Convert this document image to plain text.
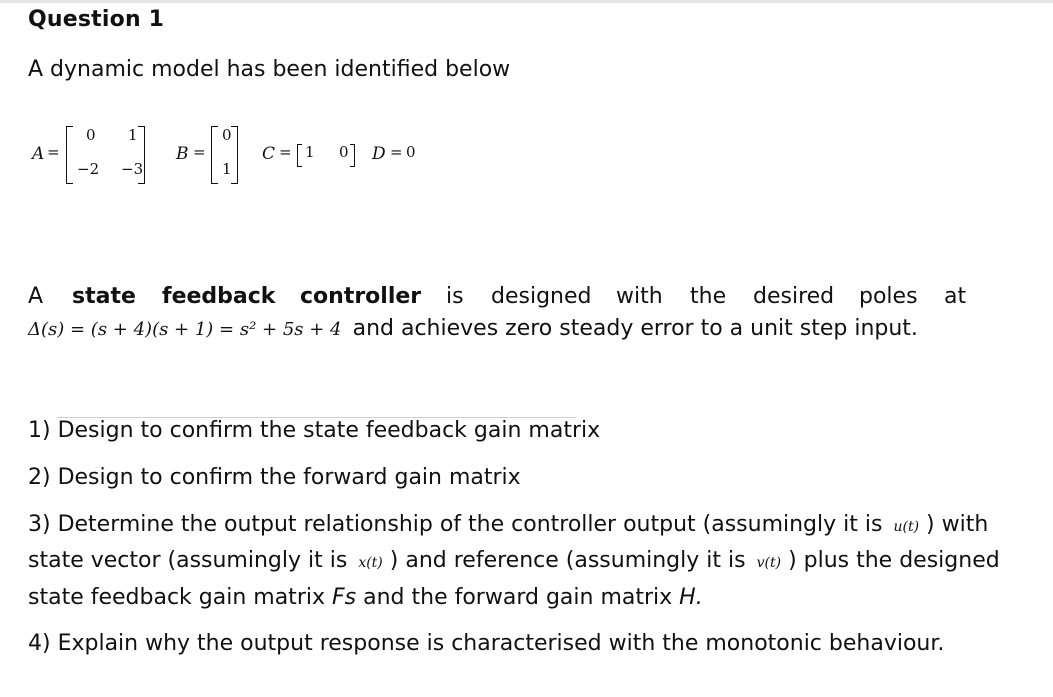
Question 1
A dynamic model has been identified below
A =
0 1
−2 −3
B =
0
1
C = 1 0 D = 0
A state feedback controller is designed with the desired poles at
Δ(s) = (s + 4)(s + 1) = s² + 5s + 4 and achieves zero steady error to a unit step input.
1) Design to confirm the state feedback gain matrix
2) Design to confirm the forward gain matrix
3) Determine the output relationship of the controller output (assumingly it is u(t) ) with
state vector (assumingly it is x(t) ) and reference (assumingly it is v(t) ) plus the designed
state feedback gain matrix Fs and the forward gain matrix H.
4) Explain why the output response is characterised with the monotonic behaviour.
